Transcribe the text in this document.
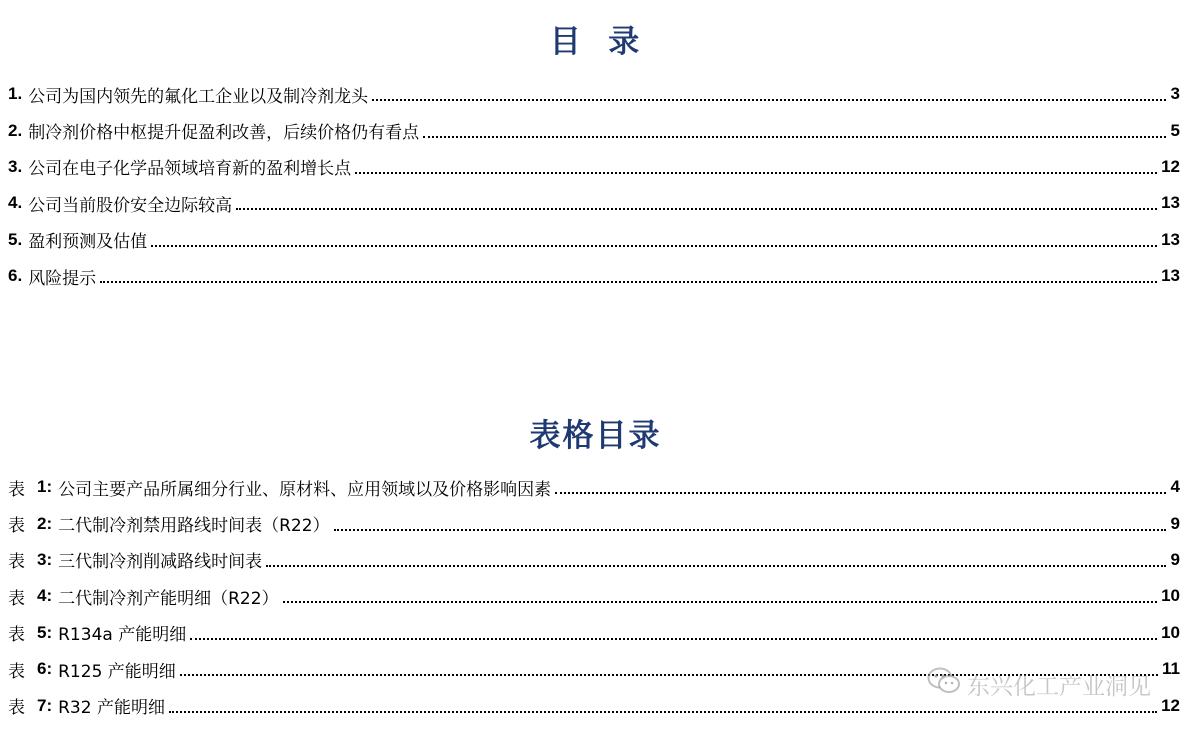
目  录
1. 公司为国内领先的氟化工企业以及制冷剂龙头	3
2. 制冷剂价格中枢提升促盈利改善，后续价格仍有看点	5
3. 公司在电子化学品领域培育新的盈利增长点	12
4. 公司当前股价安全边际较高	13
5. 盈利预测及估值	13
6. 风险提示	13
表格目录
表 1: 公司主要产品所属细分行业、原材料、应用领域以及价格影响因素	4
表 2: 二代制冷剂禁用路线时间表（R22）	9
表 3: 三代制冷剂削减路线时间表	9
表 4: 二代制冷剂产能明细（R22）	10
表 5: R134a 产能明细	10
表 6: R125 产能明细	11
表 7: R32 产能明细	12
东兴化工产业洞见
